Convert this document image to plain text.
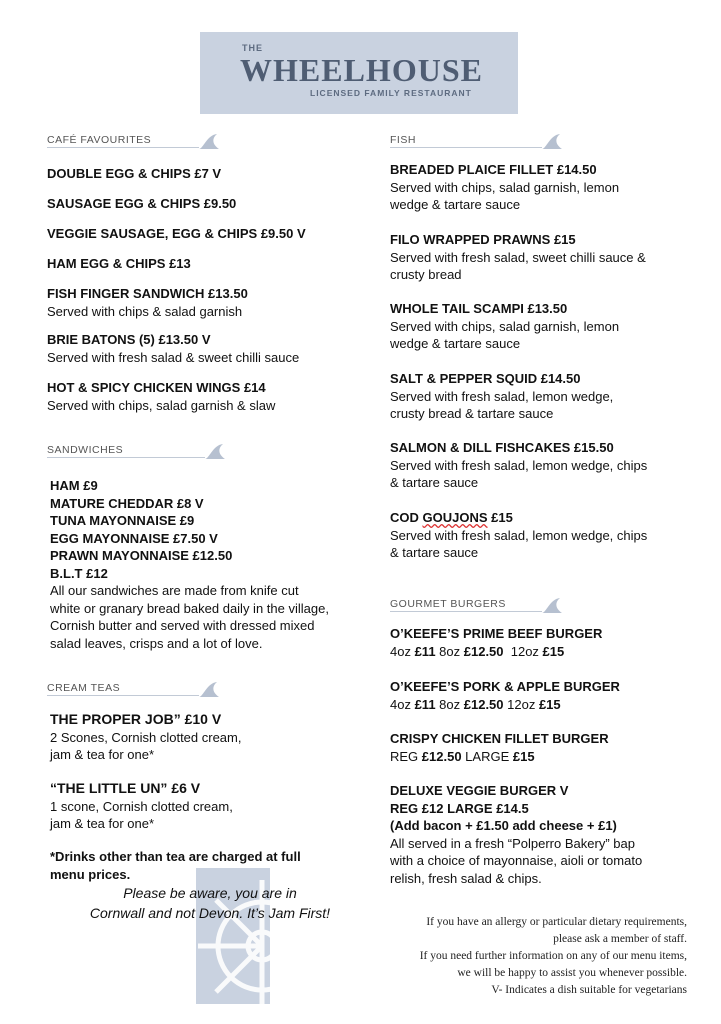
THE
WHEELHOUSE
LICENSED FAMILY RESTAURANT
CAFÉ FAVOURITES
SANDWICHES
CREAM TEAS
FISH
GOURMET BURGERS
DOUBLE EGG & CHIPS £7 V
SAUSAGE EGG & CHIPS £9.50
VEGGIE SAUSAGE, EGG & CHIPS £9.50 V
HAM EGG & CHIPS £13
FISH FINGER SANDWICH £13.50
Served with chips & salad garnish
BRIE BATONS (5) £13.50 V
Served with fresh salad & sweet chilli sauce
HOT & SPICY CHICKEN WINGS £14
Served with chips, salad garnish & slaw
HAM £9
MATURE CHEDDAR £8 V
TUNA MAYONNAISE £9
EGG MAYONNAISE £7.50 V
PRAWN MAYONNAISE £12.50
B.L.T £12
All our sandwiches are made from knife cut
white or granary bread baked daily in the village,
Cornish butter and served with dressed mixed
salad leaves, crisps and a lot of love.
THE PROPER JOB” £10 V
2 Scones, Cornish clotted cream,
jam & tea for one*
“THE LITTLE UN” £6 V
1 scone, Cornish clotted cream,
jam & tea for one*
*Drinks other than tea are charged at full
menu prices.
Please be aware, you are in
Cornwall and not Devon. It’s Jam First!
BREADED PLAICE FILLET £14.50
Served with chips, salad garnish, lemon
wedge & tartare sauce
FILO WRAPPED PRAWNS £15
Served with fresh salad, sweet chilli sauce &
crusty bread
WHOLE TAIL SCAMPI £13.50
Served with chips, salad garnish, lemon
wedge & tartare sauce
SALT & PEPPER SQUID £14.50
Served with fresh salad, lemon wedge,
crusty bread & tartare sauce
SALMON & DILL FISHCAKES £15.50
Served with fresh salad, lemon wedge, chips
& tartare sauce
COD GOUJONS £15
Served with fresh salad, lemon wedge, chips
& tartare sauce
O’KEEFE’S PRIME BEEF BURGER
4oz £11 8oz £12.50  12oz £15
O’KEEFE’S PORK & APPLE BURGER
4oz £11 8oz £12.50 12oz £15
CRISPY CHICKEN FILLET BURGER
REG £12.50 LARGE £15
DELUXE VEGGIE BURGER V
REG £12 LARGE £14.5
(Add bacon + £1.50 add cheese + £1)
All served in a fresh “Polperro Bakery” bap
with a choice of mayonnaise, aioli or tomato
relish, fresh salad & chips.
If you have an allergy or particular dietary requirements,
please ask a member of staff.
If you need further information on any of our menu items,
we will be happy to assist you whenever possible.
V- Indicates a dish suitable for vegetarians
